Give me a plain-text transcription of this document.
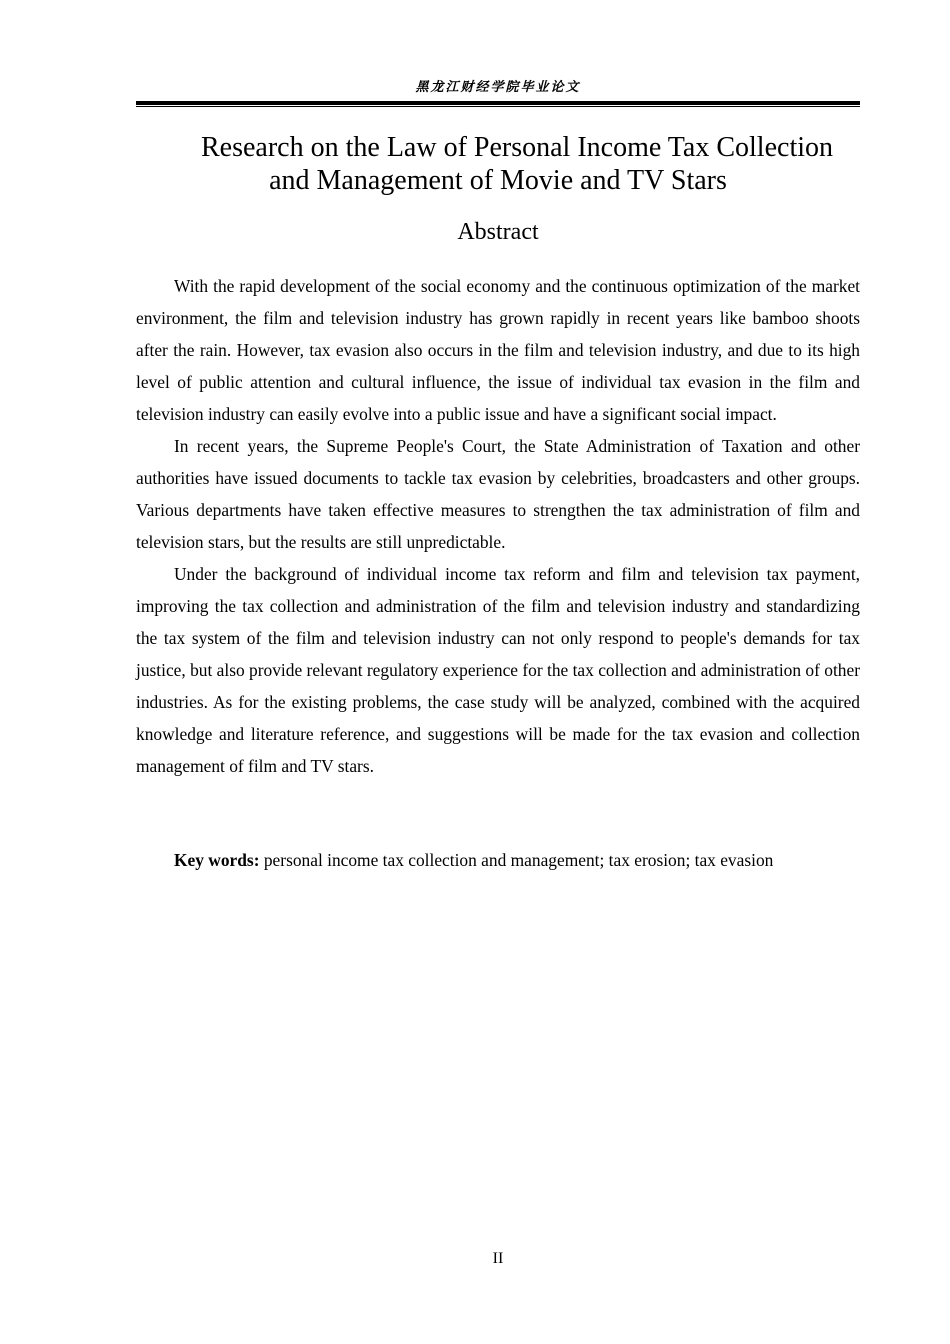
黑龙江财经学院毕业论文
Research on the Law of Personal Income Tax Collection
and Management of Movie and TV Stars
Abstract

With the rapid development of the social economy and the continuous optimization of the market environment, the film and television industry has grown rapidly in recent years like bamboo shoots after the rain. However, tax evasion also occurs in the film and television industry, and due to its high level of public attention and cultural influence, the issue of individual tax evasion in the film and television industry can easily evolve into a public issue and have a significant social impact.

In recent years, the Supreme People's Court, the State Administration of Taxation and other authorities have issued documents to tackle tax evasion by celebrities, broadcasters and other groups. Various departments have taken effective measures to strengthen the tax administration of film and television stars, but the results are still unpredictable.

Under the background of individual income tax reform and film and television tax payment, improving the tax collection and administration of the film and television industry and standardizing the tax system of the film and television industry can not only respond to people's demands for tax justice, but also provide relevant regulatory experience for the tax collection and administration of other industries. As for the existing problems, the case study will be analyzed, combined with the acquired knowledge and literature reference, and suggestions will be made for the tax evasion and collection management of film and TV stars.

Key words: personal income tax collection and management; tax erosion; tax evasion

II
